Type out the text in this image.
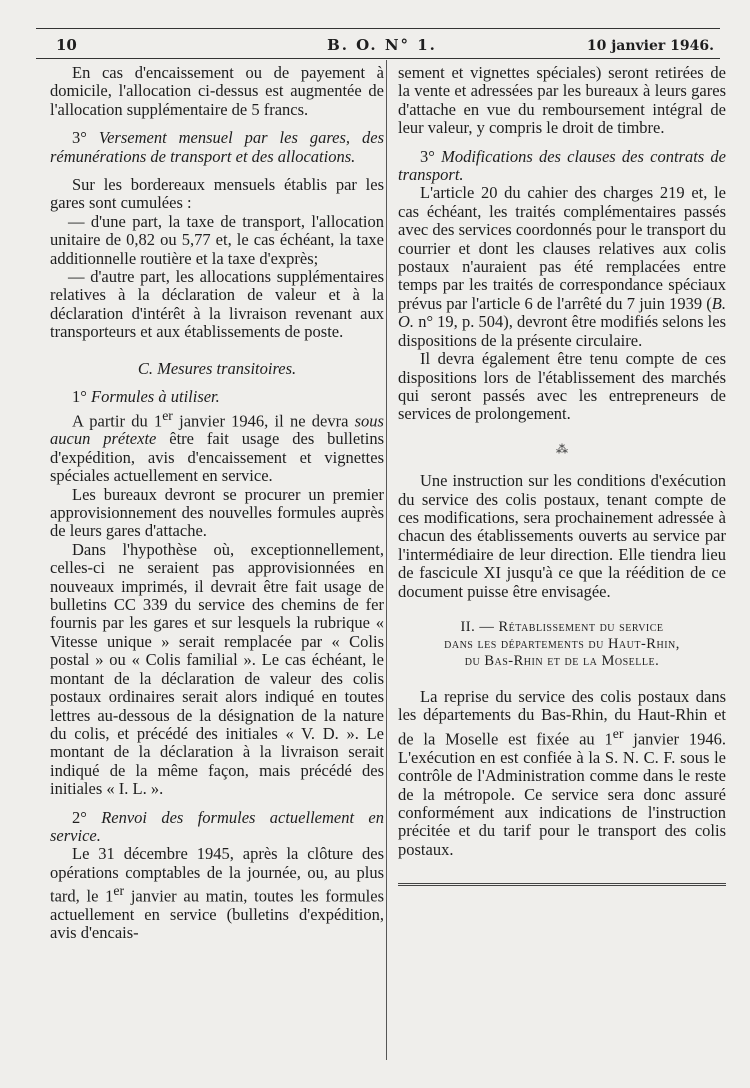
10	B. O. N° 1.	10 janvier 1946.

En cas d'encaissement ou de payement à domicile, l'allocation ci-dessus est augmentée de l'allocation supplémentaire de 5 francs.

3° Versement mensuel par les gares, des rémunérations de transport et des allocations.

Sur les bordereaux mensuels établis par les gares sont cumulées :

— d'une part, la taxe de transport, l'allocation unitaire de 0,82 ou 5,77 et, le cas échéant, la taxe additionnelle routière et la taxe d'exprès;

— d'autre part, les allocations supplémentaires relatives à la déclaration de valeur et à la déclaration d'intérêt à la livraison revenant aux transporteurs et aux établissements de poste.

C. Mesures transitoires.

1° Formules à utiliser.

A partir du 1er janvier 1946, il ne devra sous aucun prétexte être fait usage des bulletins d'expédition, avis d'encaissement et vignettes spéciales actuellement en service.

Les bureaux devront se procurer un premier approvisionnement des nouvelles formules auprès de leurs gares d'attache.

Dans l'hypothèse où, exceptionnellement, celles-ci ne seraient pas approvisionnées en nouveaux imprimés, il devrait être fait usage de bulletins CC 339 du service des chemins de fer fournis par les gares et sur lesquels la rubrique « Vitesse unique » serait remplacée par « Colis postal » ou « Colis familial ». Le cas échéant, le montant de la déclaration de valeur des colis postaux ordinaires serait alors indiqué en toutes lettres au-dessous de la désignation de la nature du colis, et précédé des initiales « V. D. ». Le montant de la déclaration à la livraison serait indiqué de la même façon, mais précédé des initiales « I. L. ».

2° Renvoi des formules actuellement en service.

Le 31 décembre 1945, après la clôture des opérations comptables de la journée, ou, au plus tard, le 1er janvier au matin, toutes les formules actuellement en service (bulletins d'expédition, avis d'encais-

sement et vignettes spéciales) seront retirées de la vente et adressées par les bureaux à leurs gares d'attache en vue du remboursement intégral de leur valeur, y compris le droit de timbre.

3° Modifications des clauses des contrats de transport.

L'article 20 du cahier des charges 219 et, le cas échéant, les traités complémentaires passés avec des services coordonnés pour le transport du courrier et dont les clauses relatives aux colis postaux n'auraient pas été remplacées entre temps par les traités de correspondance spéciaux prévus par l'article 6 de l'arrêté du 7 juin 1939 (B. O. n° 19, p. 504), devront être modifiés selons les dispositions de la présente circulaire.

Il devra également être tenu compte de ces dispositions lors de l'établissement des marchés qui seront passés avec les entrepreneurs de services de prolongement.

⁂

Une instruction sur les conditions d'exécution du service des colis postaux, tenant compte de ces modifications, sera prochainement adressée à chacun des établissements ouverts au service par l'intermédiaire de leur direction. Elle tiendra lieu de fascicule XI jusqu'à ce que la réédition de ce document puisse être envisagée.

II. — Rétablissement du service
dans les départements du Haut-Rhin,
du Bas-Rhin et de la Moselle.

La reprise du service des colis postaux dans les départements du Bas-Rhin, du Haut-Rhin et de la Moselle est fixée au 1er janvier 1946. L'exécution en est confiée à la S. N. C. F. sous le contrôle de l'Administration comme dans le reste de la métropole. Ce service sera donc assuré conformément aux indications de l'instruction précitée et du tarif pour le transport des colis postaux.
